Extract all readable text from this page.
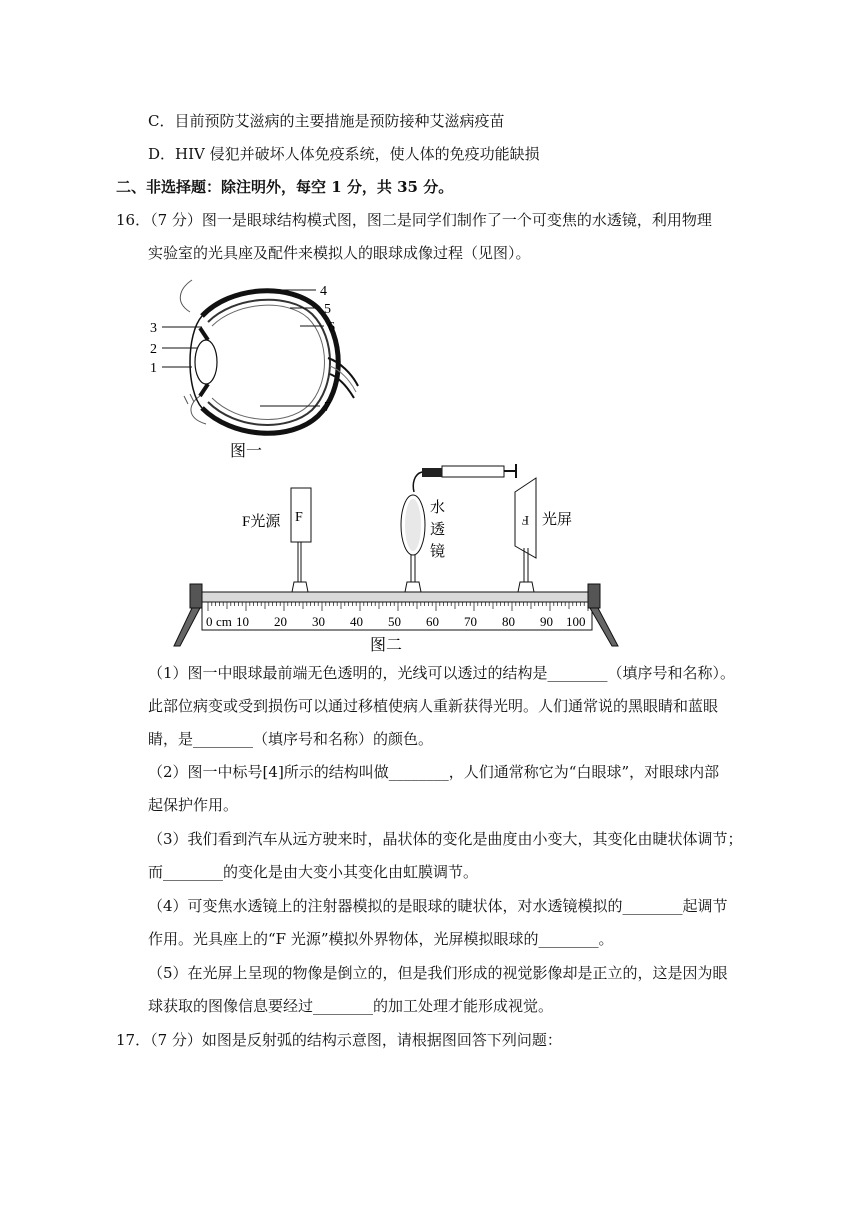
C．目前预防艾滋病的主要措施是预防接种艾滋病疫苗
D．HIV 侵犯并破坏人体免疫系统，使人体的免疫功能缺损
二、非选择题：除注明外，每空 1 分，共 35 分。
16．（7 分）图一是眼球结构模式图，图二是同学们制作了一个可变焦的水透镜，利用物理
实验室的光具座及配件来模拟人的眼球成像过程（见图）。
3
2
1
4
5
6
7
图一
F
F光源
水
透
镜
F 光屏
0 cm 10 20 30 40 50 60 70 80 90 100
图二
（1）图一中眼球最前端无色透明的，光线可以透过的结构是________（填序号和名称）。
此部位病变或受到损伤可以通过移植使病人重新获得光明。人们通常说的黑眼睛和蓝眼
睛，是________（填序号和名称）的颜色。
（2）图一中标号[4]所示的结构叫做________，人们通常称它为“白眼球”，对眼球内部
起保护作用。
（3）我们看到汽车从远方驶来时，晶状体的变化是曲度由小变大，其变化由睫状体调节；
而________的变化是由大变小其变化由虹膜调节。
（4）可变焦水透镜上的注射器模拟的是眼球的睫状体，对水透镜模拟的________起调节
作用。光具座上的“F 光源”模拟外界物体，光屏模拟眼球的________。
（5）在光屏上呈现的物像是倒立的，但是我们形成的视觉影像却是正立的，这是因为眼
球获取的图像信息要经过________的加工处理才能形成视觉。
17．（7 分）如图是反射弧的结构示意图，请根据图回答下列问题：
